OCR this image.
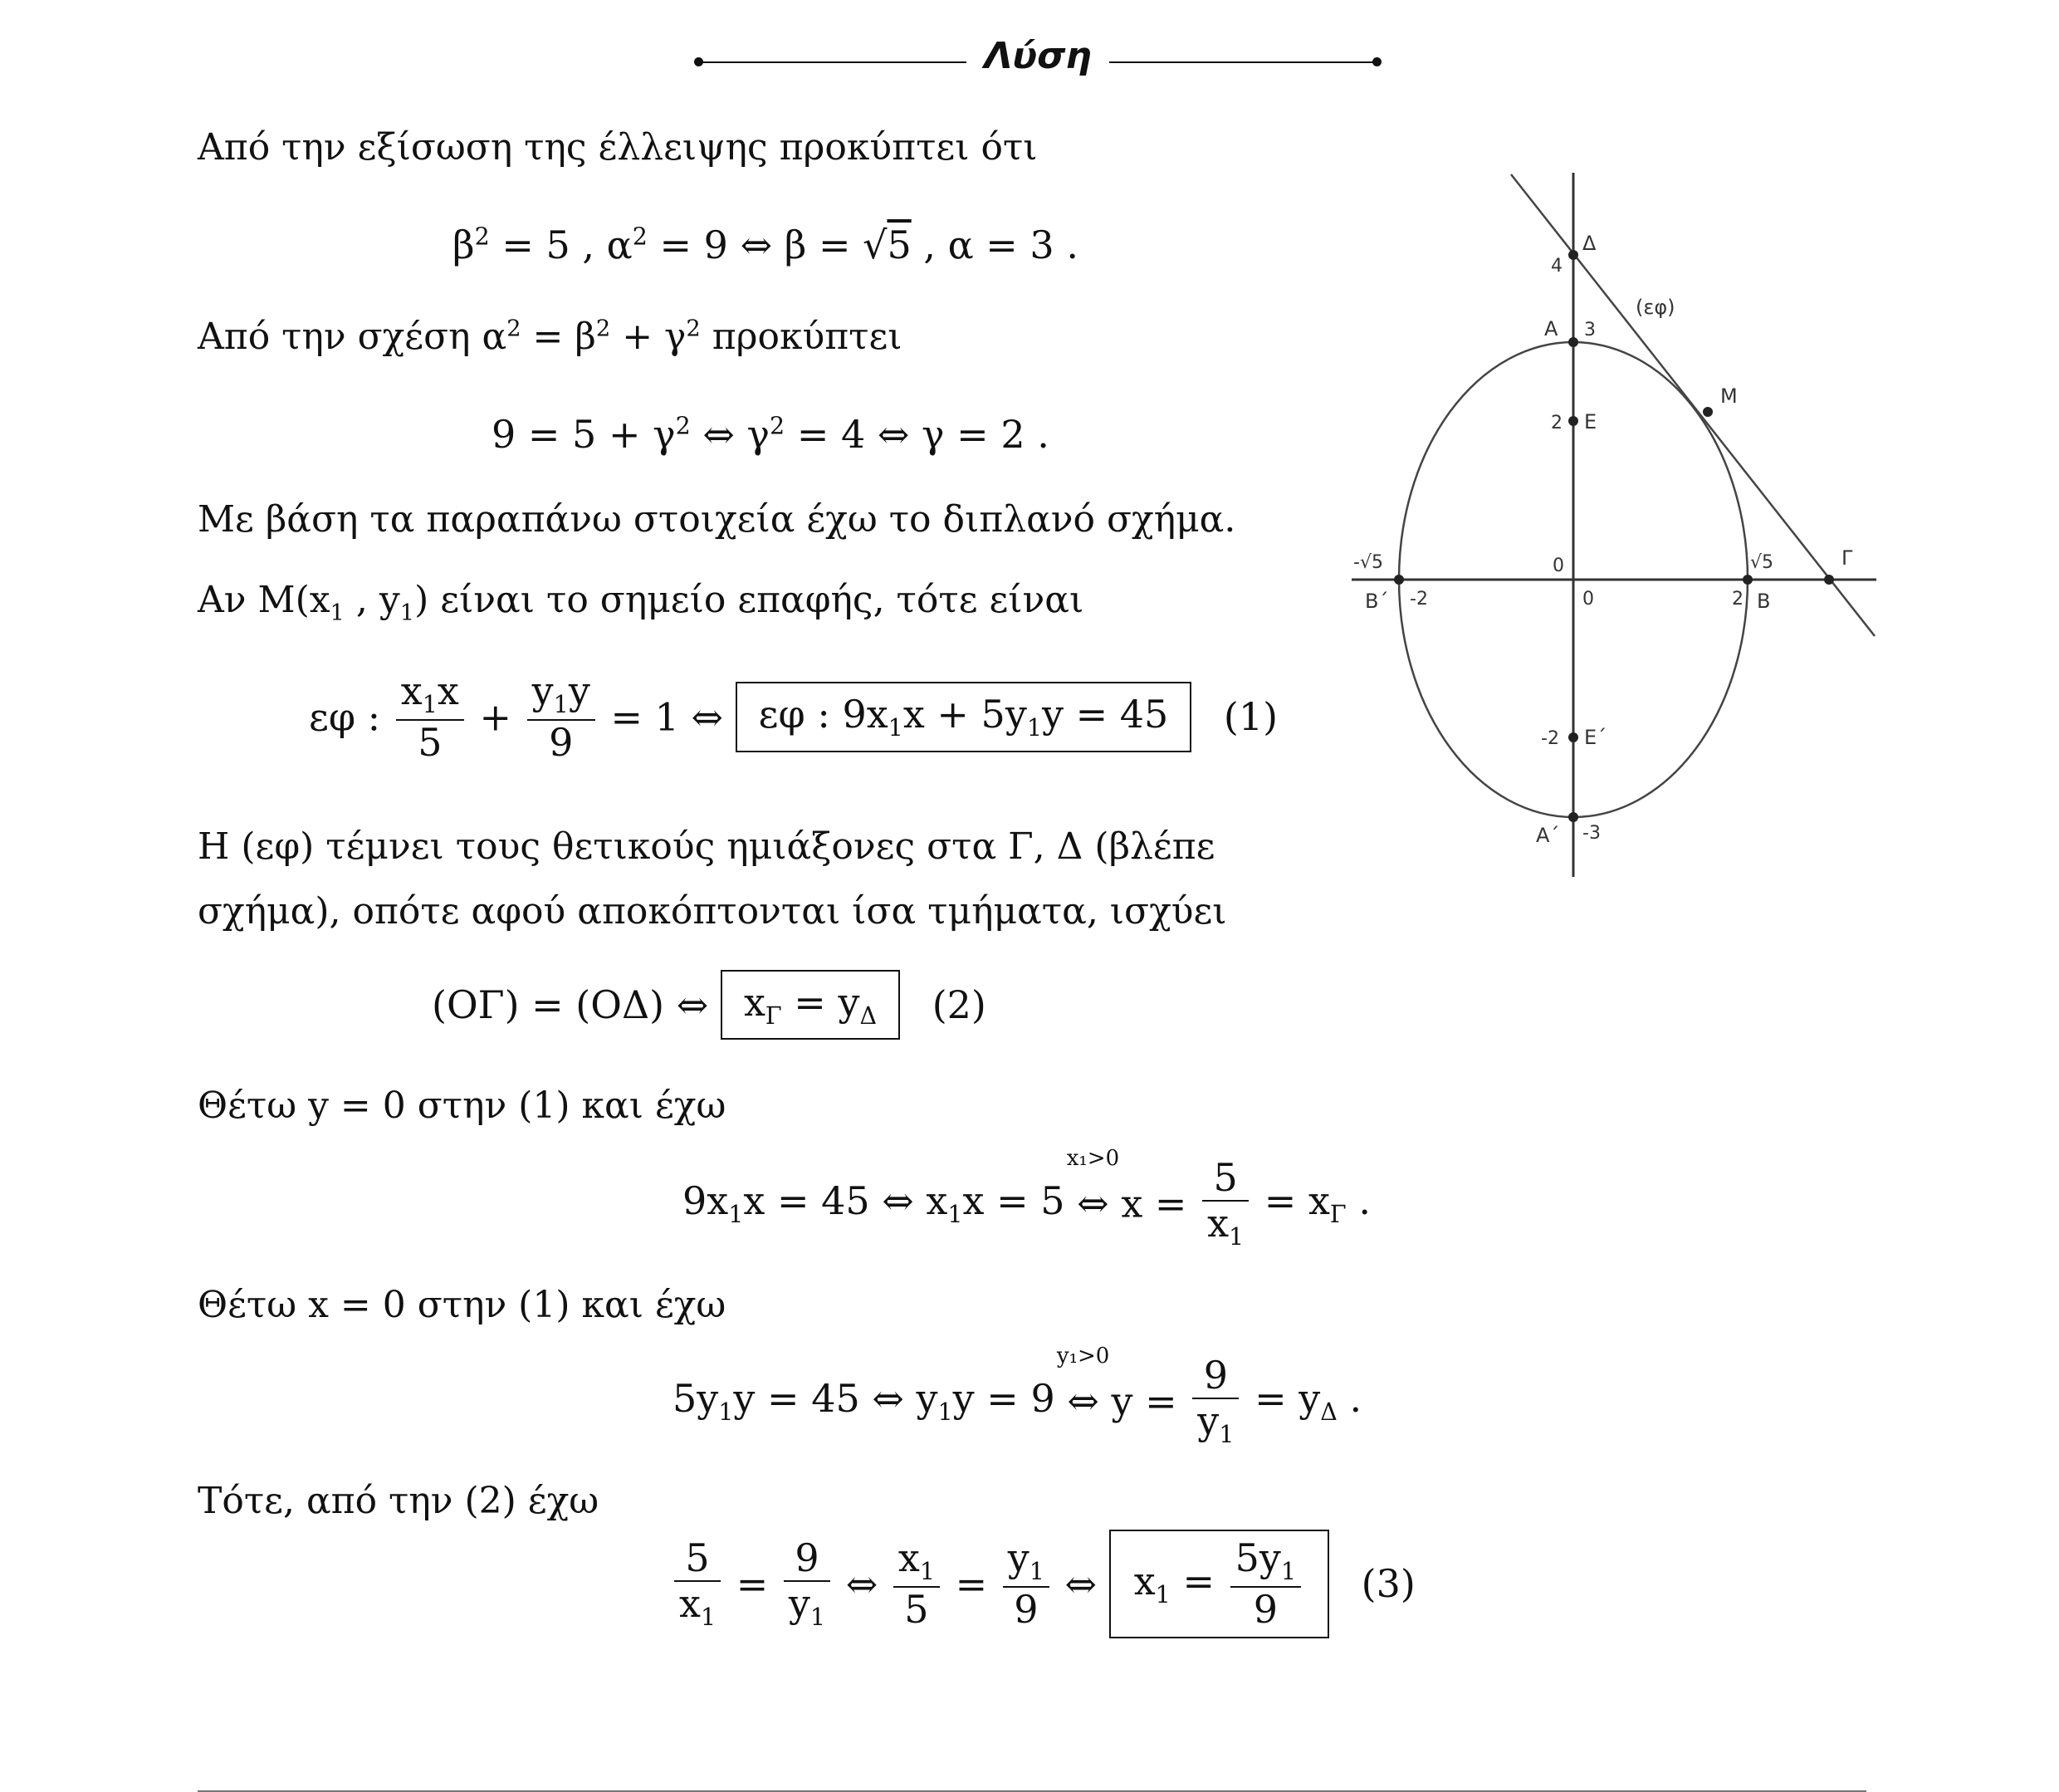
Λύση
Από την εξίσωση της έλλειψης προκύπτει ότι
$\beta^2 = 5$ , $\alpha^2 = 9$ ⇔ β = √5 , α = 3 .
Από την σχέση $\alpha^2 = \beta^2 + \gamma^2$ προκύπτει
$9 = 5 + \gamma^2$ ⇔ $\gamma^2 = 4$ ⇔ γ = 2 .
Με βάση τα παραπάνω στοιχεία έχω το διπλανό σχήμα.
Αν $M(x_1$ , $y_1$) είναι το σημείο επαφής, τότε είναι
εφ : $\frac{x_1x}{5} + \frac{y_1y}{9} = 1$ ⇔ εφ : $9x_1x + 5y_1y = 45$ (1)
Η (εφ) τέμνει τους θετικούς ημιάξονες στα Γ, Δ (βλέπε
σχήμα), οπότε αφού αποκόπτονται ίσα τμήματα, ισχύει
(ΟΓ) = (ΟΔ) ⇔ $x_\Gamma = y_\Delta$ (2)
Θέτω y = 0 στην (1) και έχω
$9x_1x = 45$ ⇔ $x_1x = 5$
x₁>0
⇔ $x = \frac{5}{x_1} = x_\Gamma$ .
Θέτω x = 0 στην (1) και έχω
$5y_1y = 45$ ⇔ $y_1y = 9$
y₁>0
⇔ $y = \frac{9}{y_1} = y_\Delta$ .
Τότε, από την (2) έχω
$\frac{5}{x_1} = \frac{9}{y_1}$ ⇔ $\frac{x_1}{5} = \frac{y_1}{9}$ ⇔ $x_1 = \frac{5y_1}{9} (3)$
4
Δ
(εφ)
A 3
M
2 E
-√5	0	√5	Γ
B΄ -2	0	2 B
-2 E΄
A΄ -3
